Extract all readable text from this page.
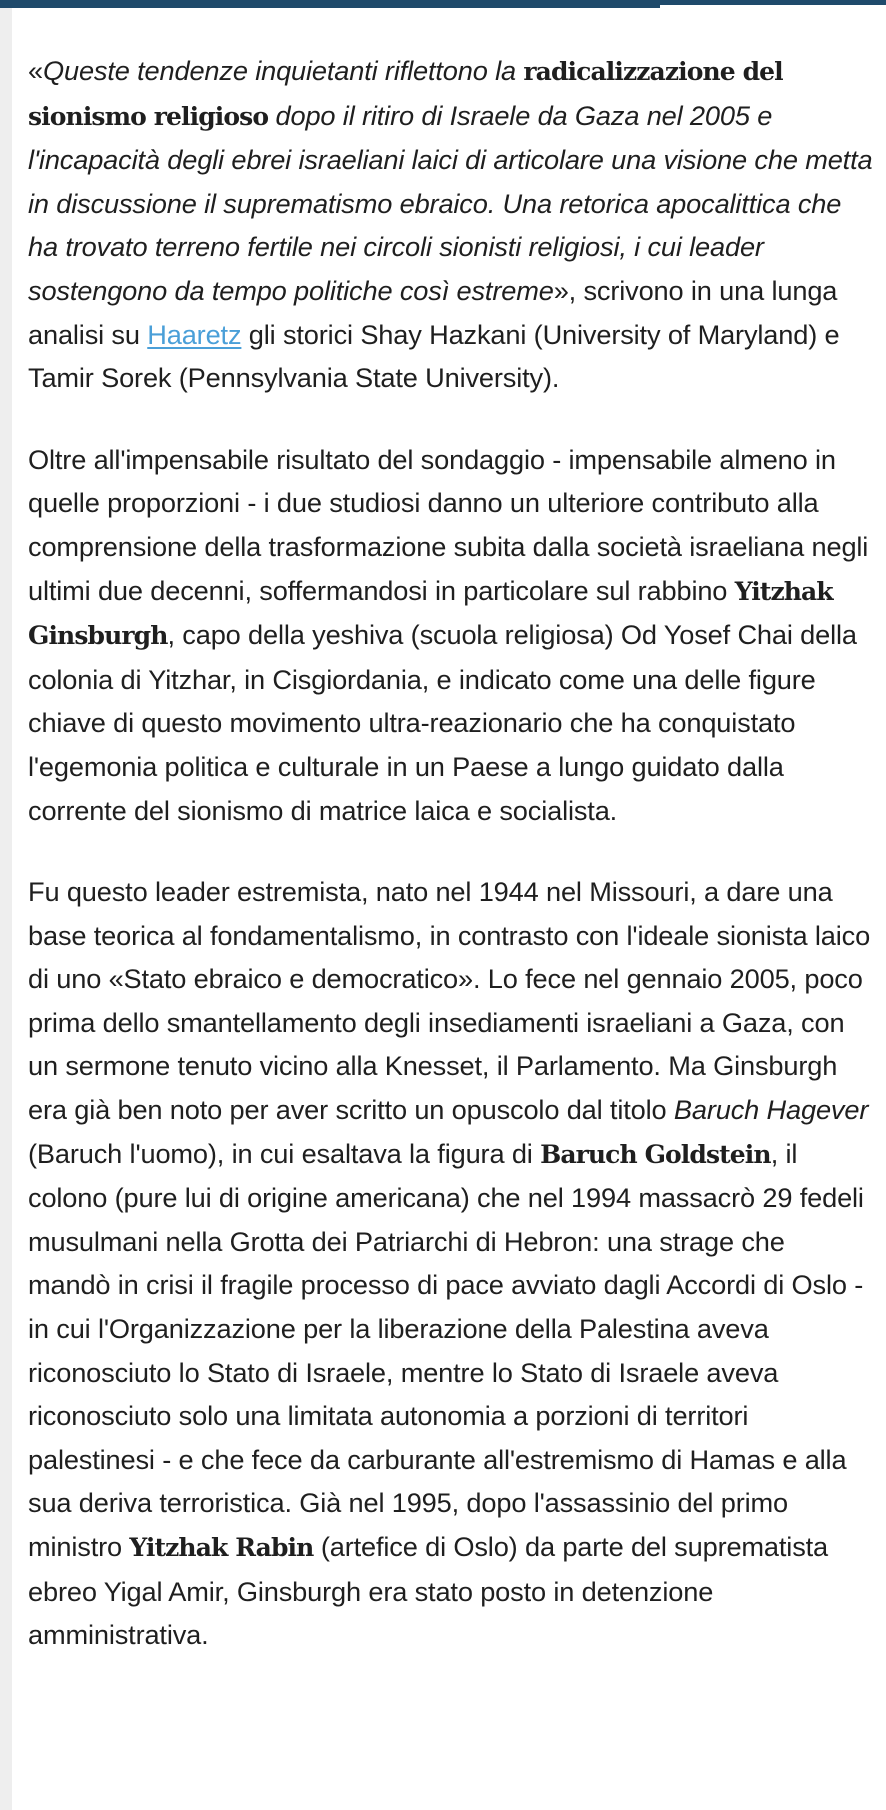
«Queste tendenze inquietanti riflettono la radicalizzazione del sionismo religioso dopo il ritiro di Israele da Gaza nel 2005 e l'incapacità degli ebrei israeliani laici di articolare una visione che metta in discussione il suprematismo ebraico. Una retorica apocalittica che ha trovato terreno fertile nei circoli sionisti religiosi, i cui leader sostengono da tempo politiche così estreme», scrivono in una lunga analisi su Haaretz gli storici Shay Hazkani (University of Maryland) e Tamir Sorek (Pennsylvania State University).

Oltre all'impensabile risultato del sondaggio - impensabile almeno in quelle proporzioni - i due studiosi danno un ulteriore contributo alla comprensione della trasformazione subita dalla società israeliana negli ultimi due decenni, soffermandosi in particolare sul rabbino Yitzhak Ginsburgh, capo della yeshiva (scuola religiosa) Od Yosef Chai della colonia di Yitzhar, in Cisgiordania, e indicato come una delle figure chiave di questo movimento ultra-reazionario che ha conquistato l'egemonia politica e culturale in un Paese a lungo guidato dalla corrente del sionismo di matrice laica e socialista.

Fu questo leader estremista, nato nel 1944 nel Missouri, a dare una base teorica al fondamentalismo, in contrasto con l'ideale sionista laico di uno «Stato ebraico e democratico». Lo fece nel gennaio 2005, poco prima dello smantellamento degli insediamenti israeliani a Gaza, con un sermone tenuto vicino alla Knesset, il Parlamento. Ma Ginsburgh era già ben noto per aver scritto un opuscolo dal titolo Baruch Hagever (Baruch l'uomo), in cui esaltava la figura di Baruch Goldstein, il colono (pure lui di origine americana) che nel 1994 massacrò 29 fedeli musulmani nella Grotta dei Patriarchi di Hebron: una strage che mandò in crisi il fragile processo di pace avviato dagli Accordi di Oslo - in cui l'Organizzazione per la liberazione della Palestina aveva riconosciuto lo Stato di Israele, mentre lo Stato di Israele aveva riconosciuto solo una limitata autonomia a porzioni di territori palestinesi - e che fece da carburante all'estremismo di Hamas e alla sua deriva terroristica. Già nel 1995, dopo l'assassinio del primo ministro Yitzhak Rabin (artefice di Oslo) da parte del suprematista ebreo Yigal Amir, Ginsburgh era stato posto in detenzione amministrativa.
